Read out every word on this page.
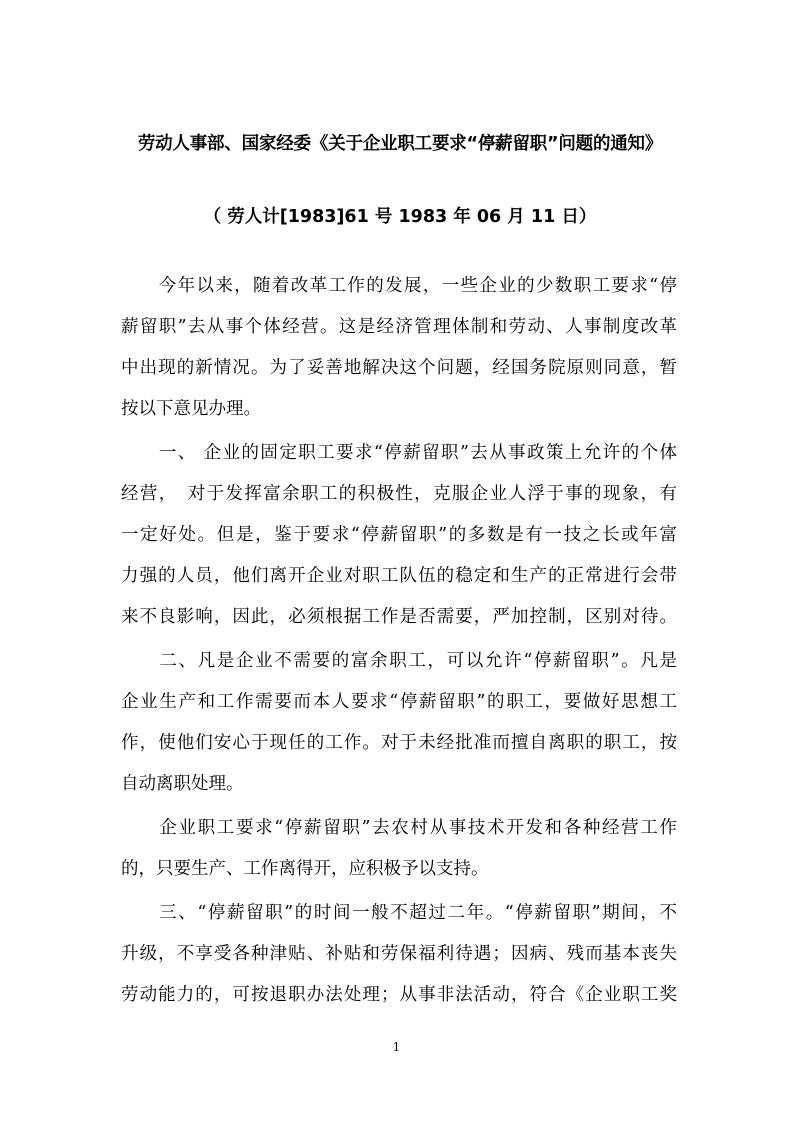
劳动人事部、国家经委《关于企业职工要求“停薪留职”问题的通知》
（ 劳人计[1983]61 号 1983 年 06 月 11 日）
　　今年以来，随着改革工作的发展，一些企业的少数职工要求“停
薪留职”去从事个体经营。这是经济管理体制和劳动、人事制度改革
中出现的新情况。为了妥善地解决这个问题，经国务院原则同意，暂
按以下意见办理。
　　一、 企业的固定职工要求“停薪留职”去从事政策上允许的个体
经营，　对于发挥富余职工的积极性，克服企业人浮于事的现象，有
一定好处。但是，鉴于要求“停薪留职”的多数是有一技之长或年富
力强的人员，他们离开企业对职工队伍的稳定和生产的正常进行会带
来不良影响，因此，必须根据工作是否需要，严加控制，区别对待。
　　二、凡是企业不需要的富余职工，可以允许“停薪留职”。凡是
企业生产和工作需要而本人要求“停薪留职”的职工，要做好思想工
作，使他们安心于现任的工作。对于未经批准而擅自离职的职工，按
自动离职处理。
　　企业职工要求“停薪留职”去农村从事技术开发和各种经营工作
的，只要生产、工作离得开，应积极予以支持。
　　三、“停薪留职”的时间一般不超过二年。“停薪留职”期间，不
升级，不享受各种津贴、补贴和劳保福利待遇；因病、残而基本丧失
劳动能力的，可按退职办法处理；从事非法活动，符合《企业职工奖
1
